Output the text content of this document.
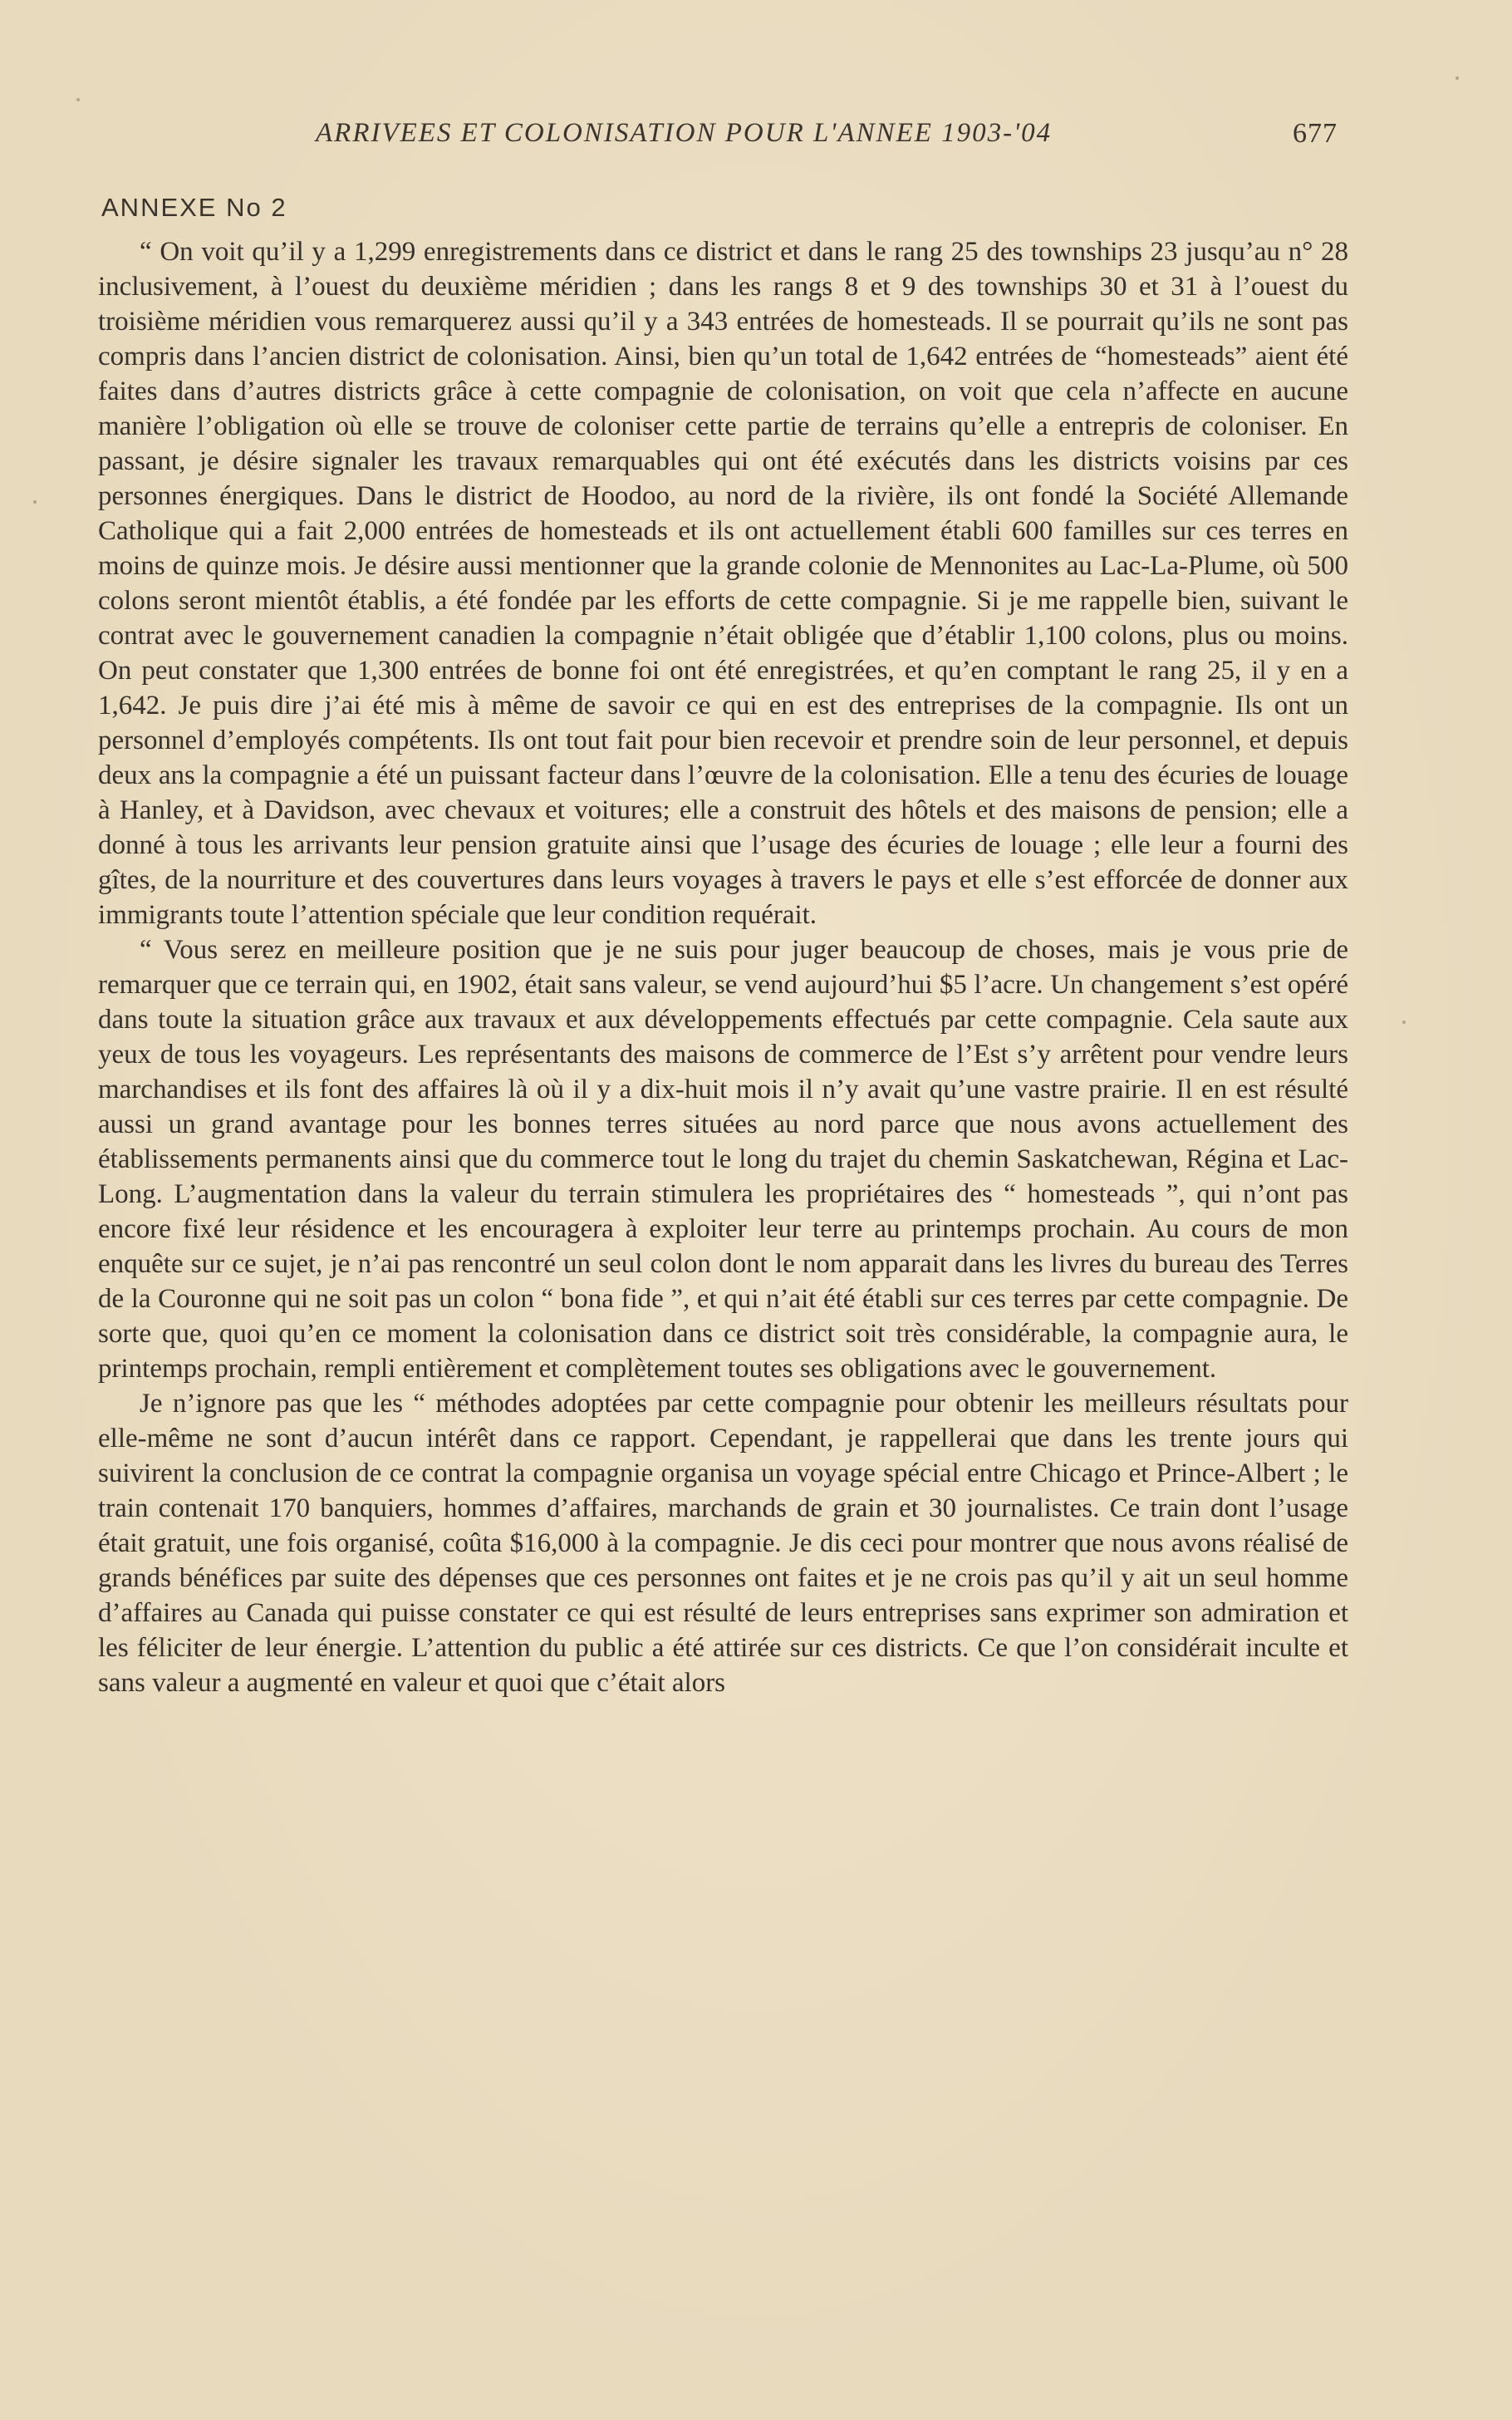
ARRIVEES ET COLONISATION POUR L'ANNEE 1903-'04	677
ANNEXE No 2

“ On voit qu’il y a 1,299 enregistrements dans ce district et dans le rang 25 des townships 23 jusqu’au n° 28 inclusivement, à l’ouest du deuxième méridien ; dans les rangs 8 et 9 des townships 30 et 31 à l’ouest du troisième méridien vous remarquerez aussi qu’il y a 343 entrées de homesteads. Il se pourrait qu’ils ne sont pas compris dans l’ancien district de colonisation. Ainsi, bien qu’un total de 1,642 entrées de “homesteads” aient été faites dans d’autres districts grâce à cette compagnie de colonisation, on voit que cela n’affecte en aucune manière l’obligation où elle se trouve de coloniser cette partie de terrains qu’elle a entrepris de coloniser. En passant, je désire signaler les travaux remarquables qui ont été exécutés dans les districts voisins par ces personnes énergiques. Dans le district de Hoodoo, au nord de la rivière, ils ont fondé la Société Allemande Catholique qui a fait 2,000 entrées de homesteads et ils ont actuellement établi 600 familles sur ces terres en moins de quinze mois. Je désire aussi mentionner que la grande colonie de Mennonites au Lac-La-Plume, où 500 colons seront mientôt établis, a été fondée par les efforts de cette compagnie. Si je me rappelle bien, suivant le contrat avec le gouvernement canadien la compagnie n’était obligée que d’établir 1,100 colons, plus ou moins. On peut constater que 1,300 entrées de bonne foi ont été enregistrées, et qu’en comptant le rang 25, il y en a 1,642. Je puis dire j’ai été mis à même de savoir ce qui en est des entreprises de la compagnie. Ils ont un personnel d’employés compétents. Ils ont tout fait pour bien recevoir et prendre soin de leur personnel, et depuis deux ans la compagnie a été un puissant facteur dans l’œuvre de la colonisation. Elle a tenu des écuries de louage à Hanley, et à Davidson, avec chevaux et voitures; elle a construit des hôtels et des maisons de pension; elle a donné à tous les arrivants leur pension gratuite ainsi que l’usage des écuries de louage ; elle leur a fourni des gîtes, de la nourriture et des couvertures dans leurs voyages à travers le pays et elle s’est efforcée de donner aux immigrants toute l’attention spéciale que leur condition requérait.

“ Vous serez en meilleure position que je ne suis pour juger beaucoup de choses, mais je vous prie de remarquer que ce terrain qui, en 1902, était sans valeur, se vend aujourd’hui $5 l’acre. Un changement s’est opéré dans toute la situation grâce aux travaux et aux développements effectués par cette compagnie. Cela saute aux yeux de tous les voyageurs. Les représentants des maisons de commerce de l’Est s’y arrêtent pour vendre leurs marchandises et ils font des affaires là où il y a dix-huit mois il n’y avait qu’une vastre prairie. Il en est résulté aussi un grand avantage pour les bonnes terres situées au nord parce que nous avons actuellement des établissements permanents ainsi que du commerce tout le long du trajet du chemin Saskatchewan, Régina et Lac-Long. L’augmentation dans la valeur du terrain stimulera les propriétaires des “ homesteads ”, qui n’ont pas encore fixé leur résidence et les encouragera à exploiter leur terre au printemps prochain. Au cours de mon enquête sur ce sujet, je n’ai pas rencontré un seul colon dont le nom apparait dans les livres du bureau des Terres de la Couronne qui ne soit pas un colon “ bona fide ”, et qui n’ait été établi sur ces terres par cette compagnie. De sorte que, quoi qu’en ce moment la colonisation dans ce district soit très considérable, la compagnie aura, le printemps prochain, rempli entièrement et complètement toutes ses obligations avec le gouvernement.

Je n’ignore pas que les “ méthodes adoptées par cette compagnie pour obtenir les meilleurs résultats pour elle-même ne sont d’aucun intérêt dans ce rapport. Cependant, je rappellerai que dans les trente jours qui suivirent la conclusion de ce contrat la compagnie organisa un voyage spécial entre Chicago et Prince-Albert ; le train contenait 170 banquiers, hommes d’affaires, marchands de grain et 30 journalistes. Ce train dont l’usage était gratuit, une fois organisé, coûta $16,000 à la compagnie. Je dis ceci pour montrer que nous avons réalisé de grands bénéfices par suite des dépenses que ces personnes ont faites et je ne crois pas qu’il y ait un seul homme d’affaires au Canada qui puisse constater ce qui est résulté de leurs entreprises sans exprimer son admiration et les féliciter de leur énergie. L’attention du public a été attirée sur ces districts. Ce que l’on considérait inculte et sans valeur a augmenté en valeur et quoi que c’était alors
